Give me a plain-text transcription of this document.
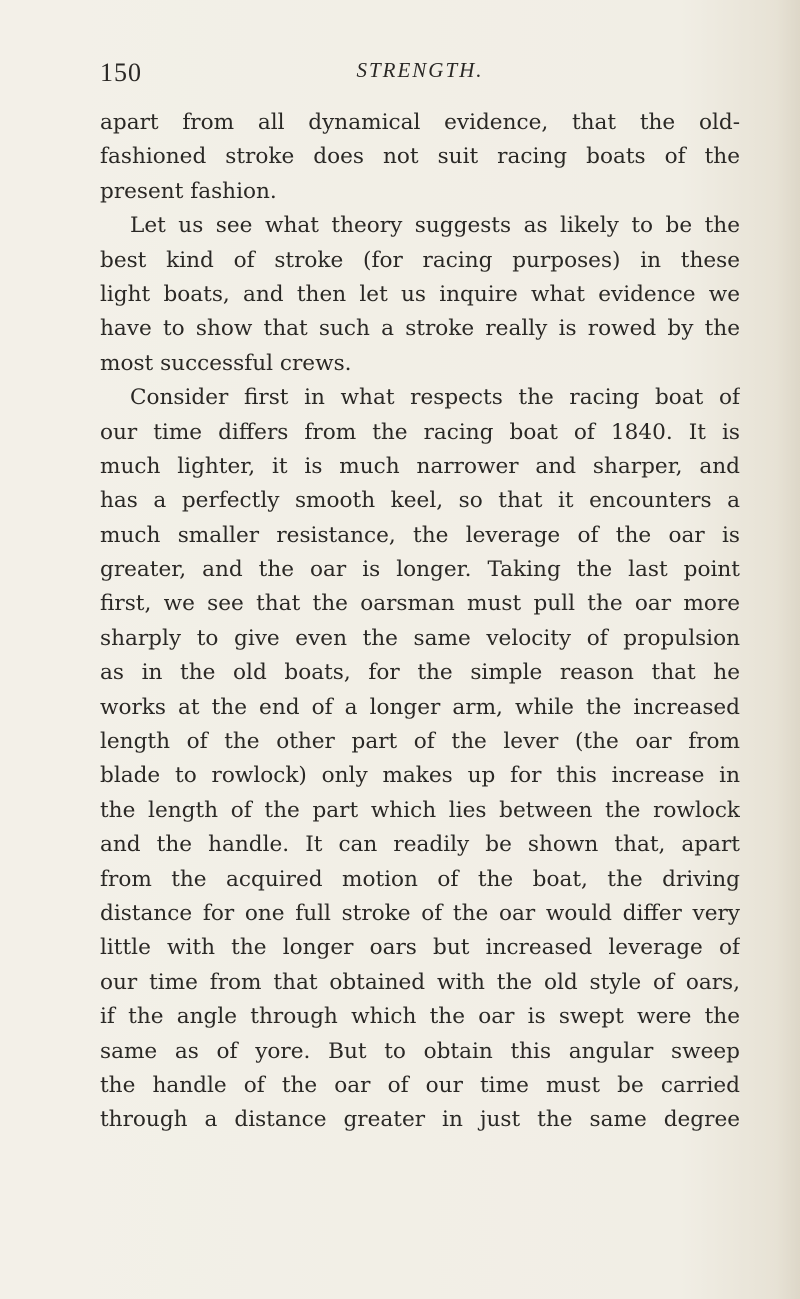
150	STRENGTH.
apart from all dynamical evidence, that the old-
fashioned stroke does not suit racing boats of the
present fashion.
Let us see what theory suggests as likely to be the
best kind of stroke (for racing purposes) in these
light boats, and then let us inquire what evidence we
have to show that such a stroke really is rowed by the
most successful crews.
Consider first in what respects the racing boat of
our time differs from the racing boat of 1840. It is
much lighter, it is much narrower and sharper, and
has a perfectly smooth keel, so that it encounters a
much smaller resistance, the leverage of the oar is
greater, and the oar is longer. Taking the last point
first, we see that the oarsman must pull the oar more
sharply to give even the same velocity of propulsion
as in the old boats, for the simple reason that he
works at the end of a longer arm, while the increased
length of the other part of the lever (the oar from
blade to rowlock) only makes up for this increase in
the length of the part which lies between the rowlock
and the handle. It can readily be shown that, apart
from the acquired motion of the boat, the driving
distance for one full stroke of the oar would differ very
little with the longer oars but increased leverage of
our time from that obtained with the old style of oars,
if the angle through which the oar is swept were the
same as of yore. But to obtain this angular sweep
the handle of the oar of our time must be carried
through a distance greater in just the same degree
